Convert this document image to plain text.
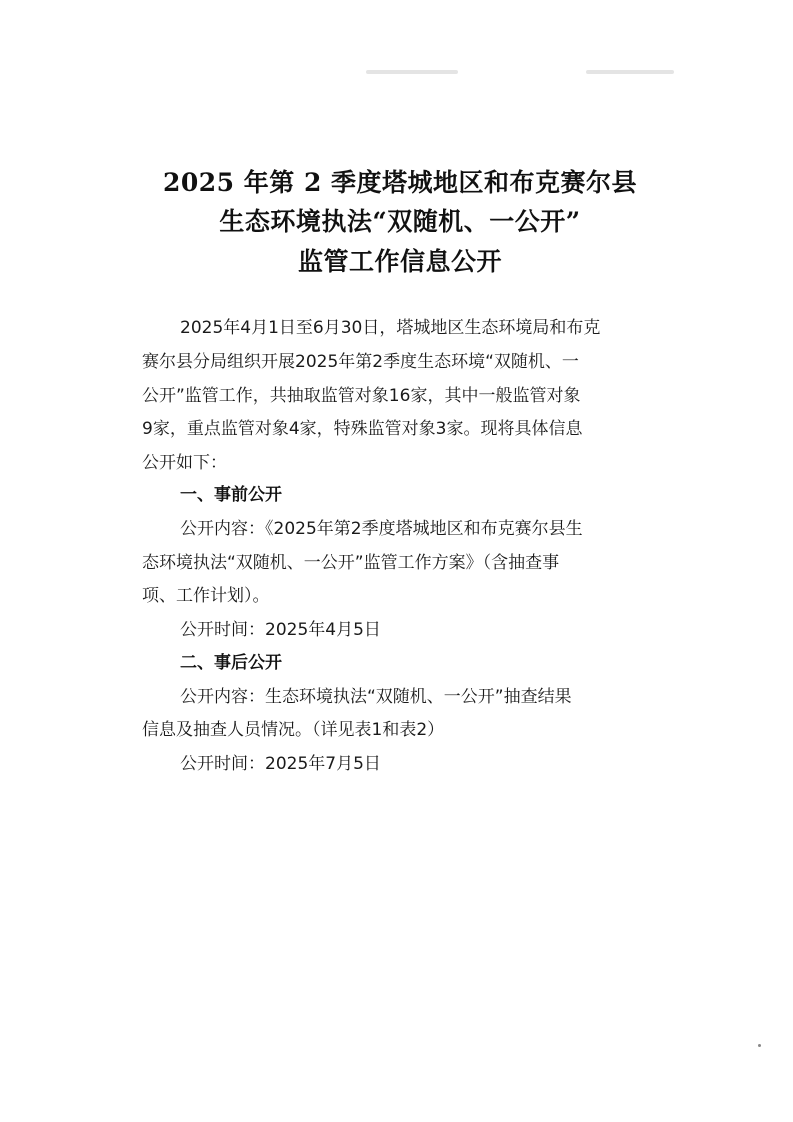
2025 年第 2 季度塔城地区和布克赛尔县
生态环境执法“双随机、一公开”
监管工作信息公开
2025年4月1日至6月30日，塔城地区生态环境局和布克
赛尔县分局组织开展2025年第2季度生态环境“双随机、一
公开”监管工作，共抽取监管对象16家，其中一般监管对象
9家，重点监管对象4家，特殊监管对象3家。现将具体信息
公开如下：
一、事前公开
公开内容：《2025年第2季度塔城地区和布克赛尔县生
态环境执法“双随机、一公开”监管工作方案》（含抽查事
项、工作计划）。
公开时间：2025年4月5日
二、事后公开
公开内容：生态环境执法“双随机、一公开”抽查结果
信息及抽查人员情况。（详见表1和表2）
公开时间：2025年7月5日
